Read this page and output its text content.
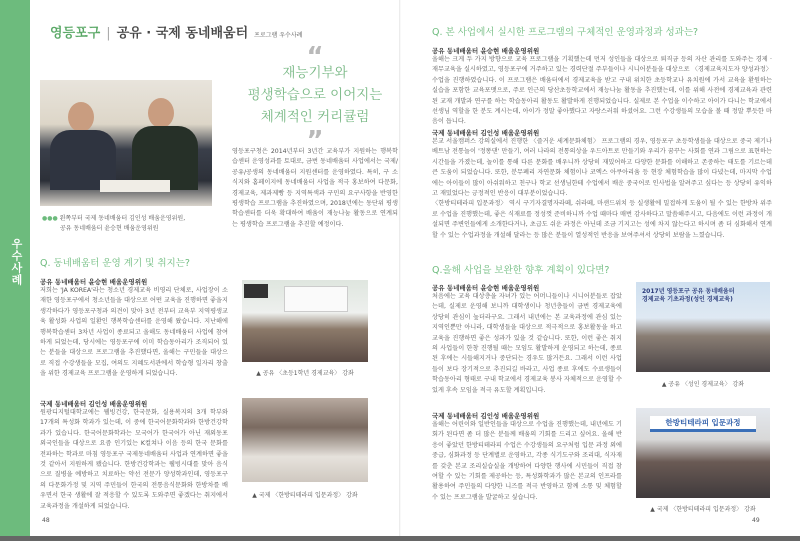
우수사례
영등포구 | 공유 · 국제 동네배움터 프로그램 우수사례
●●● 왼쪽부터 국제 동네배움터 김인성 배움운영위원,
공유 동네배움터 윤승현 배움운영위원
“
재능기부와
평생학습으로 이어지는
체계적인 커리큘럼
”
영등포구청은 2014년부터 3년간 교육부가 지원하는 행복학습센터 운영성과를 토대로, 금번 동네배움터 사업에서는 국제/공유/공생의 동네배움터 지원센터를 운영하였다. 특히, 구 소식지와 홈페이지에 동네배움터 사업을 적극 홍보하여 다문화, 경제교육, 제과제빵 등 지역특색과 구민의 요구사항을 반영한 평생학습 프로그램을 추진하였으며, 2018년에는 동단위 평생학습센터를 더욱 확대하여 배움이 재능나눔 활동으로 연계되는 평생학습 프로그램을 추진할 예정이다.
Q. 동네배움터 운영 계기 및 취지는?
공유 동네배움터 윤승현 배움운영위원
저희는 'JA KOREA'라는 청소년 경제교육 비영리 단체로, 사업장이 소재한 영등포구에서 청소년들을 대상으로 어떤 교육을 진행하면 좋을지 생각하다가 영등포구청과 의견이 맞아 3년 전부터 교육부 지역평생교육 활성화 사업의 일환인 행복학습센터를 운영해 왔습니다. 지난해에 행복학습센터 3차년 사업이 종료되고 올해도 동네배움터 사업에 참여하게 되었는데, 당시에는 영등포구에 이미 학습동아리가 조직되어 있는 분들을 대상으로 프로그램을 추진했다면, 올해는 구민들을 대상으로 직접 수강생들을 모집, 여의도 지혜도서관에서 학습형 일자리 창출을 위한 경제교육 프로그램을 운영하게 되었습니다.
국제 동네배움터 김인성 배움운영위원
원광디지털대학교에는 웰빙건강, 한국문화, 실용복지의 3개 학부와 17개의 특성화 학과가 있는데, 이 중에 한국어문화학과와 한방건강학과가 있습니다. 한국어문화학과는 모국어가 한국어가 아닌 재외동포 외국인들을 대상으로 요즘 인기있는 K컬쳐나 이음 등의 한국 문화를 전파하는 학과로 마침 영등포구 국제동네배움터 사업과 연계하면 좋을 것 같아서 지원하게 됐습니다. 한방건강학과는 웰빙시대를 맞아 음식으로 질병을 예방하고 치료하는 약선 전문가 양성학과인데, 영등포구의 다문화가정 및 지역 주민들이 한국의 전통음식문화와 한방차를 배우면서 한국 생활에 잘 적응할 수 있도록 도와주면 좋겠다는 취지에서 교육과정을 개설하게 되었습니다.
48
▲ 공유 〈초등1학년 경제교육〉 강좌
▲ 국제 〈한방티테라피 입문과정〉 강좌
Q. 본 사업에서 실시한 프로그램의 구체적인 운영과정과 성과는?
공유 동네배움터 윤승현 배움운영위원
올해는 크게 두 가지 방향으로 교육 프로그램을 기획했는데 먼저 성인들을 대상으로 퇴직금 등의 자산 관리를 도와주는 경제 · 재무교육을 실시하였고, 영등포구에 거주하고 있는 경력단절 주부들이나 시니어분들을 대상으로 〈경제교육지도자 양성과정〉 수업을 진행하였습니다. 이 프로그램은 배움터에서 경제교육을 받고 구내 위치한 초등학교나 유치원에 가서 교육을 환원하는 실습을 포함한 교육포맷으로, 주로 인근의 당산초등학교에서 재능나눔 활동을 추진했는데, 이를 위해 사전에 경제교육과 관련된 교재 개발과 연구를 하는 학습동아리 활동도 활발하게 진행되었습니다. 실제로 본 수업을 이수하고 아이가 다니는 학교에서 선생님 역할을 한 분도 계시는데, 아이가 정말 좋아했다고 자랑스러워 하셨어요. 그런 수강생들의 모습을 볼 때 정말 뿌듯한 마음이 듭니다.
국제 동네배움터 김인성 배움운영위원
본교 서울캠퍼스 강의실에서 진행한 〈즐거운 세계문화체험〉 프로그램의 경우, 영등포구 초등학생들을 대상으로 중국 제기나 베트남 전통놀이 '정똥댄' 만들기, 여러 나라의 전통의상을 우드아트로 만들기와 우리가 꿈꾸는 사회를 연과 그림으로 표현하는 시간들을 가졌는데, 놀이를 통해 다른 문화를 배우니까 상당히 재밌어하고 다양한 문화를 이해하고 존중하는 태도를 기르는데 큰 도움이 되었습니다. 또한, 분무폐리 자연문화 체험이나 코엑스 아쿠아리움 등 현장 체험학습을 많이 다녔는데, 마지막 수업에는 아이들이 많이 아쉬워하고 친구나 학교 선생님한테 수업에서 배운 중국어로 인사법을 알려주고 싶다는 등 상당히 유익하고 재밌었다는 긍정적인 반응이 대부분이었습니다.
〈한방티테라피 입문과정〉 역시 구기자결명자라떼, 쉬라떼, 마샌드위치 등 실생활에 밀접하게 도움이 될 수 있는 한방차 위주로 수업을 진행했는데, 좋은 식재료를 정성껏 준비하니까 수업 때마다 매번 감사하다고 말씀해주시고, 다음에도 이런 과정이 개설되면 주변인들에게 소개한다거나, 초급도 쉬운 과정은 아닌데 조금 기지고는 성에 차지 않는다고 하시며 좀 더 심화해서 연계할 수 있는 수업과정을 개설해 달라는 등 많은 분들이 열성적인 반응을 보여주셔서 상당히 보람을 느꼈습니다.
Q.올해 사업을 보완한 향후 계획이 있다면?
공유 동네배움터 윤승현 배움운영위원
처음에는 교육 대상층을 자녀가 있는 어머니들이나 시니어분들로 잡았는데, 실제로 운영해 보니까 대학생이나 청년층들이 금번 경제교육에 상당히 관심이 높더라구요. 그래서 내년에는 본 교육과정에 관심 있는 지역인뿐만 아니라, 대학생들을 대상으로 적극적으로 홍보활동을 하고 교육을 진행하면 좋은 성과가 있을 것 같습니다. 또한, 이런 좋은 취지의 사업들이 한창 진행될 때는 모임도 활발하게 운영되고 하는데, 종료된 후에는 시들해지거나 중단되는 경우도 많거든요. 그래서 이런 사업들이 보다 장기적으로 추진되길 바라고, 사업 종료 후에도 수료생들이 학습동아리 형태로 구내 학교에서 경제교육 봉사 자체적으로 운영할 수 있게 후속 모임을 적극 유도할 계획입니다.
국제 동네배움터 김인성 배움운영위원
올해는 어린이와 일반인들을 대상으로 수업을 진행했는데, 내년에도 기회가 된다면 좀 더 많은 분들께 배움의 기회를 드리고 싶어요. 올해 반응이 좋았던 한방티테라피 수업은 수강생들의 요구처럼 입문 과정 외에 중급, 심화과정 등 단계별로 운영하고, 각종 식기도구와 조리대, 식자재를 갖춘 본교 조리실습실을 개방하여 다양한 행사에 시민들이 직접 참여할 수 있는 기회를 제공하는 등, 특성화학과가 많은 본교의 인프라를 활용하여 주민들의 다양한 니즈를 적극 반영하고 함께 소통 및 체험할 수 있는 프로그램을 발굴하고 싶습니다.
2017년 영등포구 공유 동네배움터
경제교육 기초과정(성인 경제교육)
▲ 공유 〈성인 경제교육〉 강좌
한방티테라피 입문과정
▲ 국제 〈한방티테라피 입문과정〉 강좌
49
